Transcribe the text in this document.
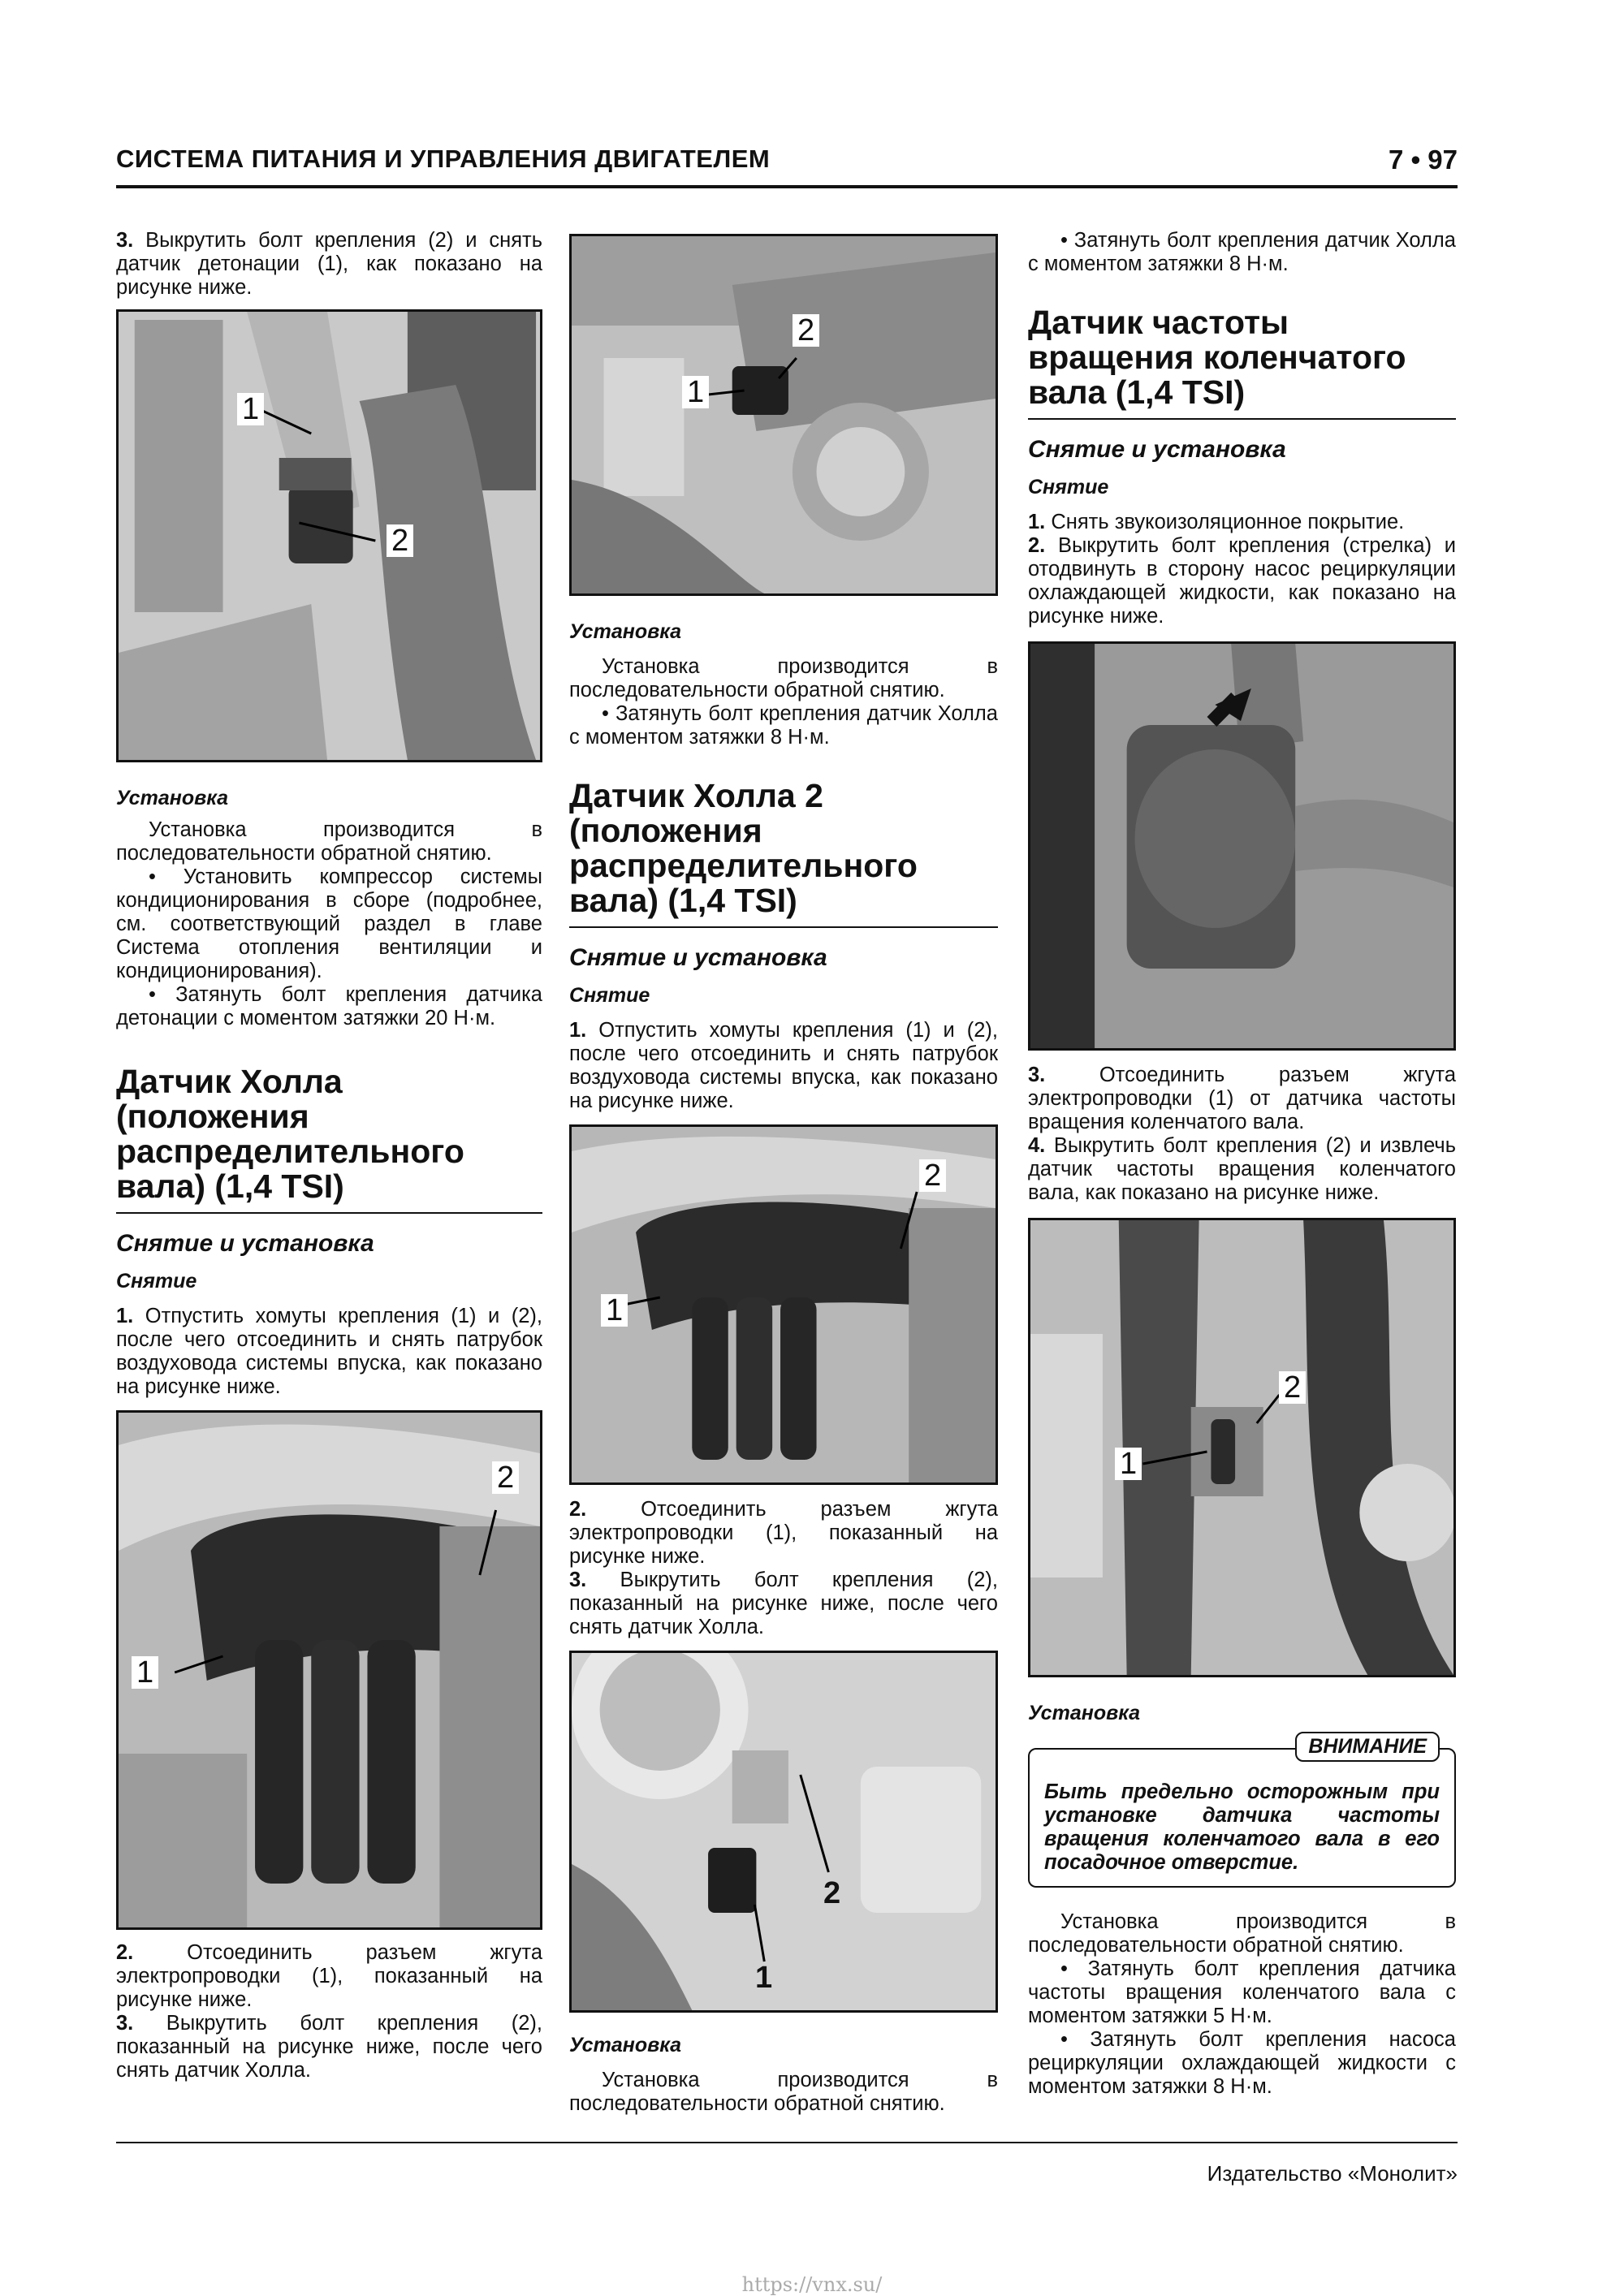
СИСТЕМА ПИТАНИЯ И УПРАВЛЕНИЯ ДВИГАТЕЛЕМ	7 • 97

3. Выкрутить болт крепления (2) и снять датчик детонации (1), как показано на рисунке ниже.

1
2

Установка

Установка производится в последовательности обратной снятию.

• Установить компрессор системы кондиционирования в сборе (подробнее, см. соответствующий раздел в главе Система отопления вентиляции и кондиционирования).

• Затянуть болт крепления датчика детонации с моментом затяжки 20 Н·м.

Датчик Холла (положения распределительного вала) (1,4 TSI)

Снятие и установка

Снятие

1. Отпустить хомуты крепления (1) и (2), после чего отсоединить и снять патрубок воздуховода системы впуска, как показано на рисунке ниже.

1
2

2. Отсоединить разъем жгута электропроводки (1), показанный на рисунке ниже.

3. Выкрутить болт крепления (2), показанный на рисунке ниже, после чего снять датчик Холла.

1
2

Установка

Установка производится в последовательности обратной снятию.

• Затянуть болт крепления датчик Холла с моментом затяжки 8 Н·м.

Датчик Холла 2 (положения распределительного вала) (1,4 TSI)

Снятие и установка

Снятие

1. Отпустить хомуты крепления (1) и (2), после чего отсоединить и снять патрубок воздуховода системы впуска, как показано на рисунке ниже.

1
2

2. Отсоединить разъем жгута электропроводки (1), показанный на рисунке ниже.

3. Выкрутить болт крепления (2), показанный на рисунке ниже, после чего снять датчик Холла.

1
2

Установка

Установка производится в последовательности обратной снятию.

• Затянуть болт крепления датчик Холла с моментом затяжки 8 Н·м.

Датчик частоты вращения коленчатого вала (1,4 TSI)

Снятие и установка

Снятие

1. Снять звукоизоляционное покрытие.

2. Выкрутить болт крепления (стрелка) и отодвинуть в сторону насос рециркуляции охлаждающей жидкости, как показано на рисунке ниже.

3. Отсоединить разъем жгута электропроводки (1) от датчика частоты вращения коленчатого вала.

4. Выкрутить болт крепления (2) и извлечь датчик частоты вращения коленчатого вала, как показано на рисунке ниже.

1
2

Установка

ВНИМАНИЕ
Быть предельно осторожным при установке датчика частоты вращения коленчатого вала в его посадочное отверстие.

Установка производится в последовательности обратной снятию.

• Затянуть болт крепления датчика частоты вращения коленчатого вала с моментом затяжки 5 Н·м.

• Затянуть болт крепления насоса рециркуляции охлаждающей жидкости с моментом затяжки 8 Н·м.

Издательство «Монолит»
https://vnx.su/
